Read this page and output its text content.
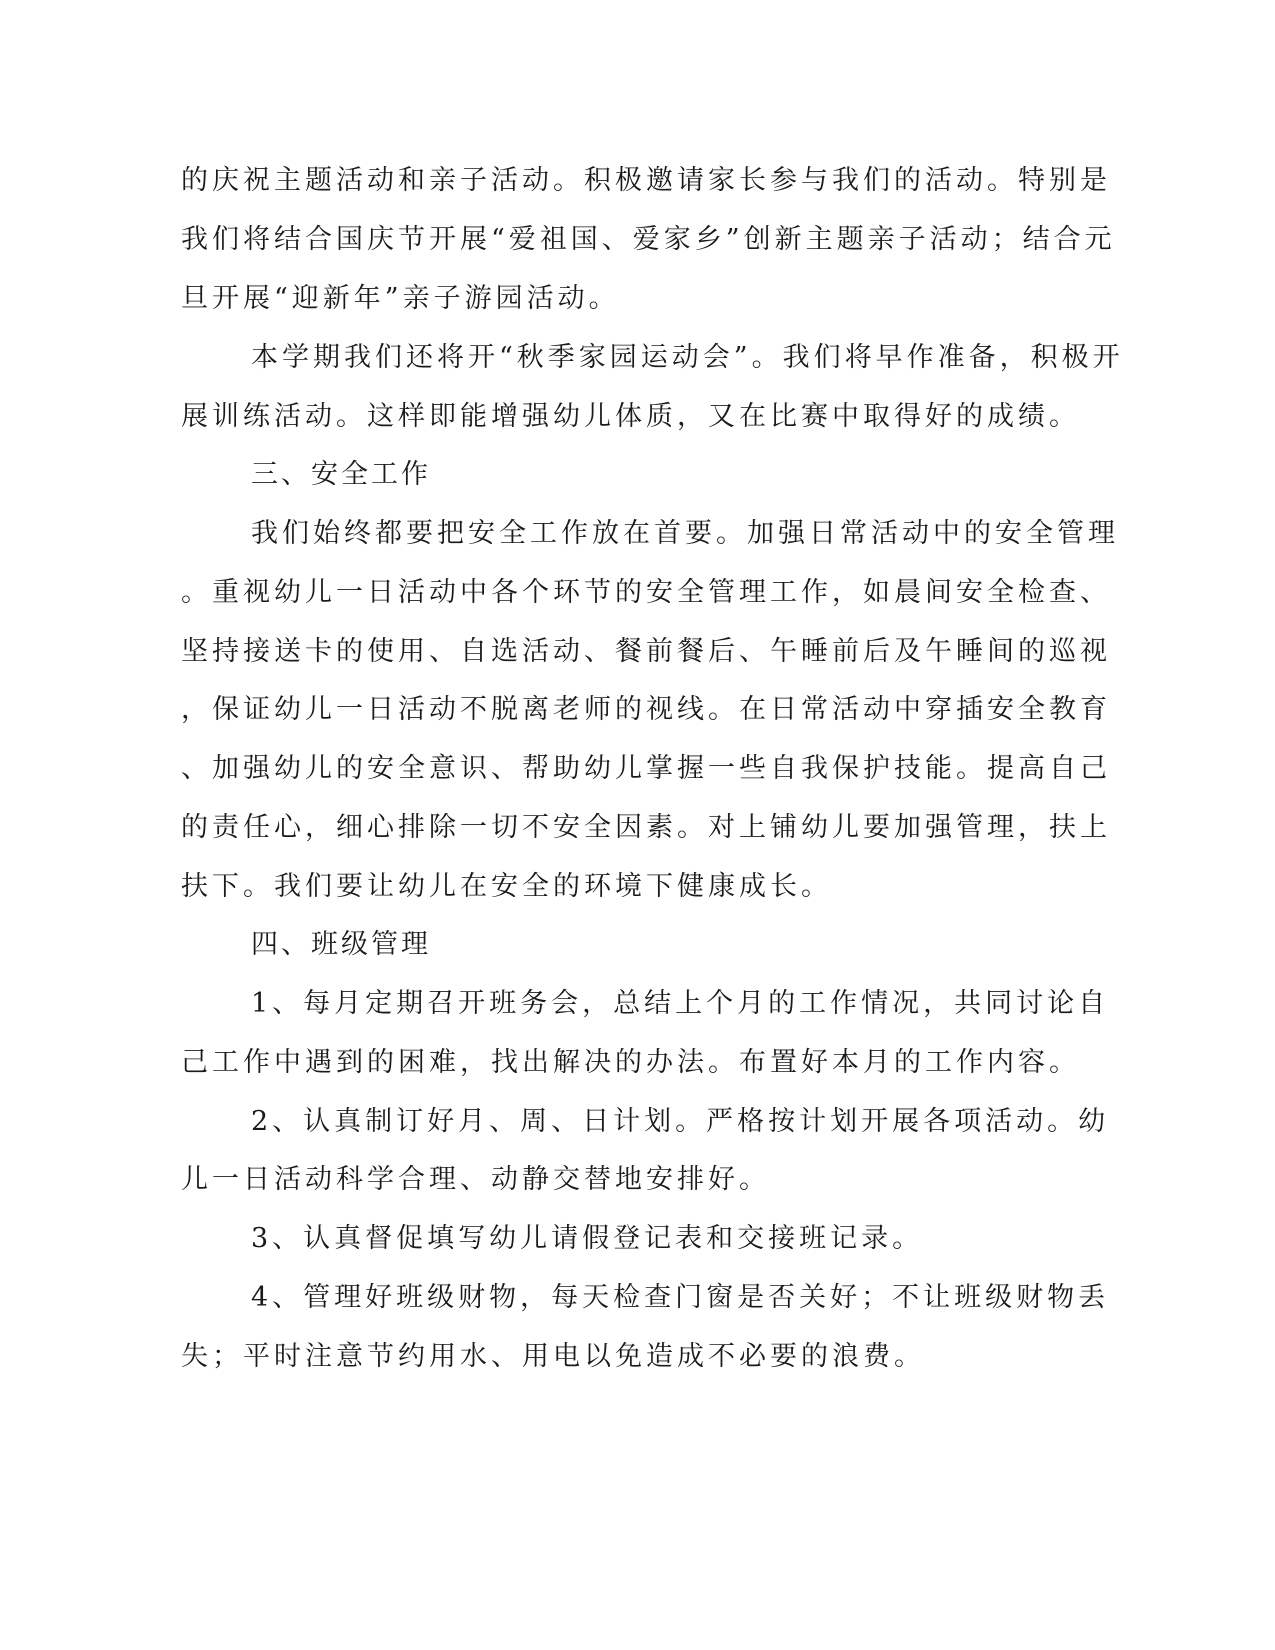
的庆祝主题活动和亲子活动。积极邀请家长参与我们的活动。特别是
我们将结合国庆节开展“爱祖国、爱家乡”创新主题亲子活动；结合元
旦开展“迎新年”亲子游园活动。
本学期我们还将开“秋季家园运动会”。我们将早作准备，积极开
展训练活动。这样即能增强幼儿体质，又在比赛中取得好的成绩。
三、安全工作
我们始终都要把安全工作放在首要。加强日常活动中的安全管理
。重视幼儿一日活动中各个环节的安全管理工作，如晨间安全检查、
坚持接送卡的使用、自选活动、餐前餐后、午睡前后及午睡间的巡视
，保证幼儿一日活动不脱离老师的视线。在日常活动中穿插安全教育
、加强幼儿的安全意识、帮助幼儿掌握一些自我保护技能。提高自己
的责任心，细心排除一切不安全因素。对上铺幼儿要加强管理，扶上
扶下。我们要让幼儿在安全的环境下健康成长。
四、班级管理
1、每月定期召开班务会，总结上个月的工作情况，共同讨论自
己工作中遇到的困难，找出解决的办法。布置好本月的工作内容。
2、认真制订好月、周、日计划。严格按计划开展各项活动。幼
儿一日活动科学合理、动静交替地安排好。
3、认真督促填写幼儿请假登记表和交接班记录。
4、管理好班级财物，每天检查门窗是否关好；不让班级财物丢
失；平时注意节约用水、用电以免造成不必要的浪费。
